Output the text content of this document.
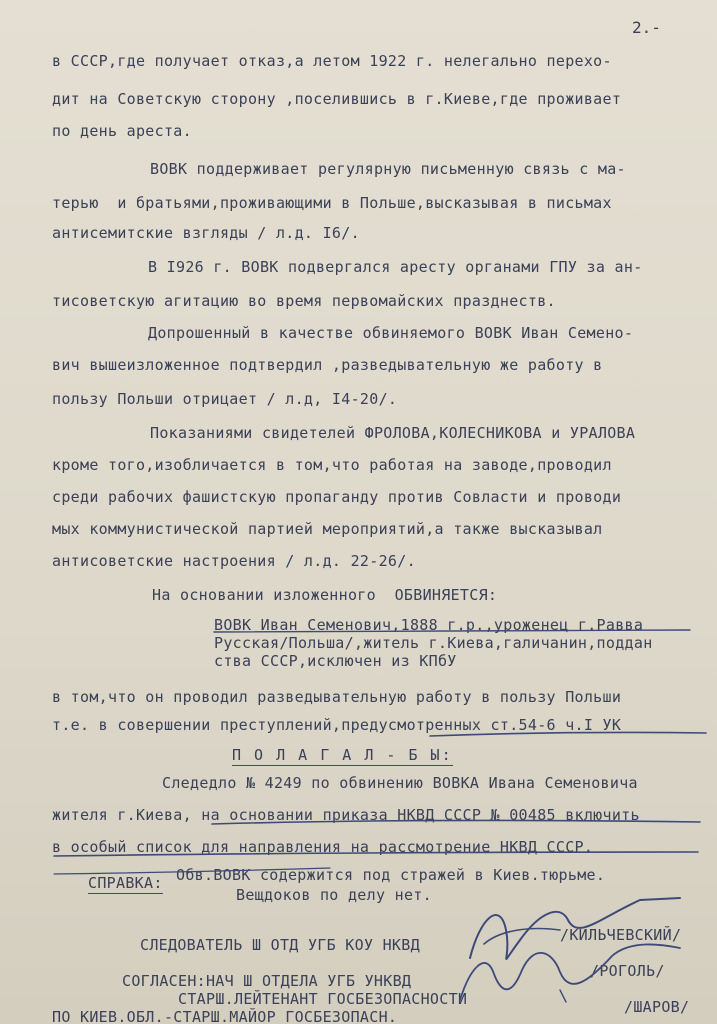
2.-
в СССР,где получает отказ,а летом 1922 г. нелегально перехо-
дит на Советскую сторону ,поселившись в г.Киеве,где проживает
по день ареста.
ВОВК поддерживает регулярную письменную связь с ма-
терью  и братьями,проживающими в Польше,высказывая в письмах
антисемитские взгляды / л.д. I6/.
В I926 г. ВОВК подвергался аресту органами ГПУ за ан-
тисоветскую агитацию во время первомайских празднеств.
Допрошенный в качестве обвиняемого ВОВК Иван Семено-
вич вышеизложенное подтвердил ,разведывательную же работу в
пользу Польши отрицает / л.д, I4-20/.
Показаниями свидетелей ФРОЛОВА,КОЛЕСНИКОВА и УРАЛОВА
кроме того,изобличается в том,что работая на заводе,проводил
среди рабочих фашистскую пропаганду против Совласти и проводи
мых коммунистической партией мероприятий,а также высказывал
антисоветские настроения / л.д. 22-26/.
На основании изложенного  ОБВИНЯЕТСЯ:
ВОВК Иван Семенович,1888 г.р.,уроженец г.Равва
Русская/Польша/,житель г.Киева,галичанин,поддан
ства СССР,исключен из КПбУ
в том,что он проводил разведывательную работу в пользу Польши
т.е. в совершении преступлений,предусмотренных ст.54-6 ч.I УК
П О Л А Г А Л - Б Ы:
Следедло № 4249 по обвинению ВОВКА Ивана Семеновича
жителя г.Киева, на основании приказа НКВД СССР № 00485 включить
в особый список для направления на рассмотрение НКВД СССР.
СПРАВКА: Обв.ВОВК содержится под стражей в Киев.тюрьме.
Вещдоков по делу нет.
СЛЕДОВАТЕЛЬ Ш ОТД УГБ КОУ НКВД
/КИЛЬЧЕВСКИЙ/
СОГЛАСЕН:НАЧ Ш ОТДЕЛА УГБ УНКВД
/РОГОЛЬ/
СТАРШ.ЛЕЙТЕНАНТ ГОСБЕЗОПАСНОСТИ
ПО КИЕВ.ОБЛ.-СТАРШ.МАЙОР ГОСБЕЗОПАСН.
/ШАРОВ/
